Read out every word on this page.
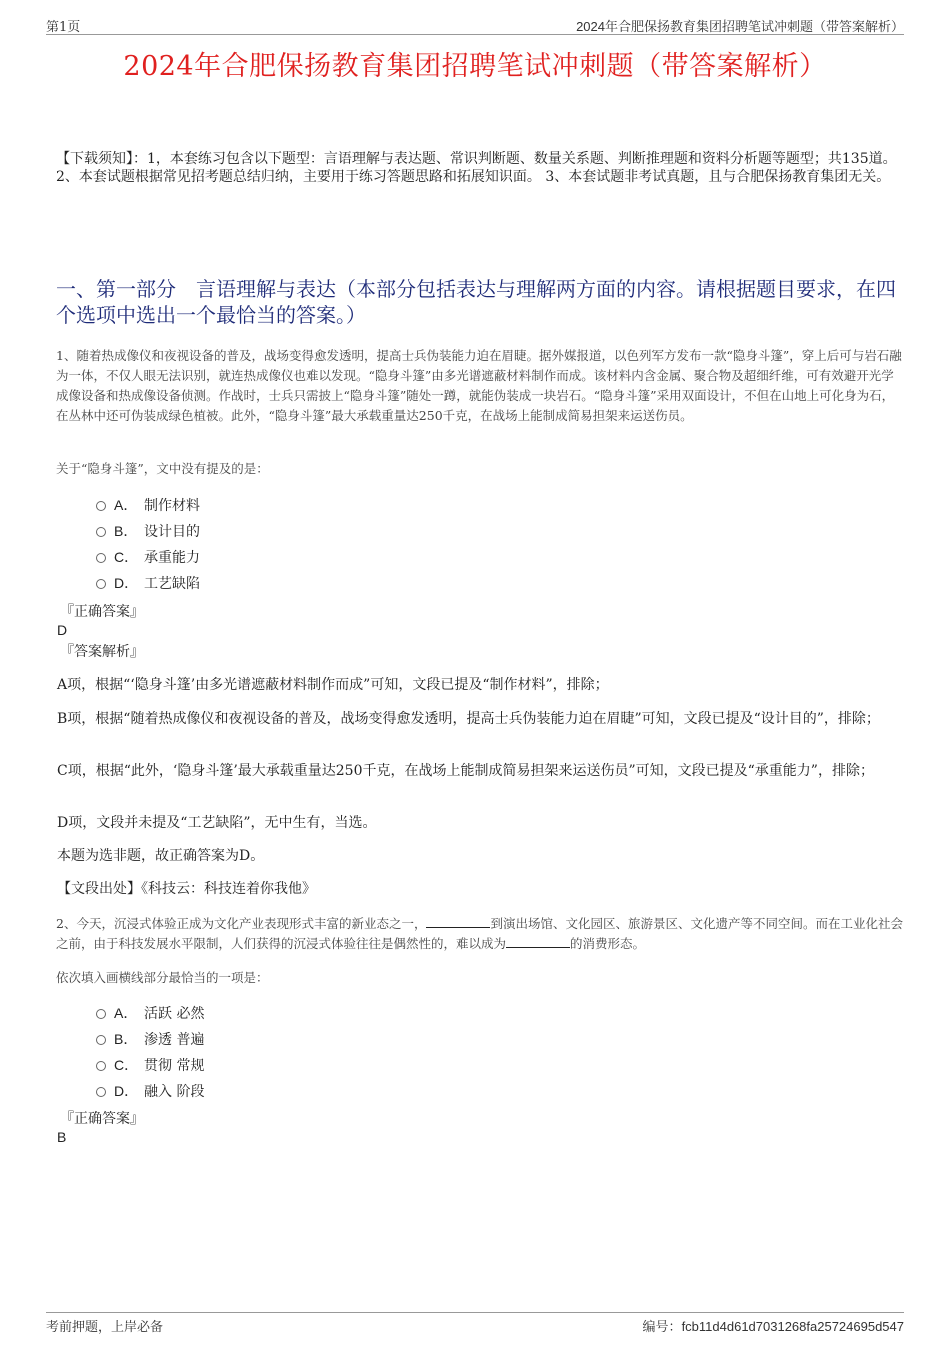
第1页	2024年合肥保扬教育集团招聘笔试冲刺题（带答案解析）
2024年合肥保扬教育集团招聘笔试冲刺题（带答案解析）
【下载须知】：1，本套练习包含以下题型：言语理解与表达题、常识判断题、数量关系题、判断推理题和资料分析题等题型；共135道。 2、本套试题根据常见招考题总结归纳，主要用于练习答题思路和拓展知识面。 3、本套试题非考试真题，且与合肥保扬教育集团无关。
一、第一部分　言语理解与表达（本部分包括表达与理解两方面的内容。请根据题目要求，在四个选项中选出一个最恰当的答案。）
1、随着热成像仪和夜视设备的普及，战场变得愈发透明，提高士兵伪装能力迫在眉睫。据外媒报道，以色列军方发布一款“隐身斗篷”，穿上后可与岩石融为一体，不仅人眼无法识别，就连热成像仪也难以发现。“隐身斗篷”由多光谱遮蔽材料制作而成。该材料内含金属、聚合物及超细纤维，可有效避开光学成像设备和热成像设备侦测。作战时，士兵只需披上“隐身斗篷”随处一蹲，就能伪装成一块岩石。“隐身斗篷”采用双面设计，不但在山地上可化身为石，在丛林中还可伪装成绿色植被。此外，“隐身斗篷”最大承载重量达250千克，在战场上能制成简易担架来运送伤员。
关于“隐身斗篷”，文中没有提及的是：
A． 制作材料
B． 设计目的
C． 承重能力
D． 工艺缺陷
『正确答案』
D
『答案解析』
A项，根据“‘隐身斗篷’由多光谱遮蔽材料制作而成”可知，文段已提及“制作材料”，排除；
B项，根据“随着热成像仪和夜视设备的普及，战场变得愈发透明，提高士兵伪装能力迫在眉睫”可知，文段已提及“设计目的”，排除；
C项，根据“此外，‘隐身斗篷’最大承载重量达250千克，在战场上能制成简易担架来运送伤员”可知，文段已提及“承重能力”，排除；
D项，文段并未提及“工艺缺陷”，无中生有，当选。
本题为选非题，故正确答案为D。
【文段出处】《科技云：科技连着你我他》
2、今天，沉浸式体验正成为文化产业表现形式丰富的新业态之一，	到演出场馆、文化园区、旅游景区、文化遗产等不同空间。而在工业化社会之前，由于科技发展水平限制，人们获得的沉浸式体验往往是偶然性的，难以成为	的消费形态。
依次填入画横线部分最恰当的一项是：
A． 活跃 必然
B． 渗透 普遍
C． 贯彻 常规
D． 融入 阶段
『正确答案』
B
考前押题，上岸必备	编号：fcb11d4d61d7031268fa25724695d547
